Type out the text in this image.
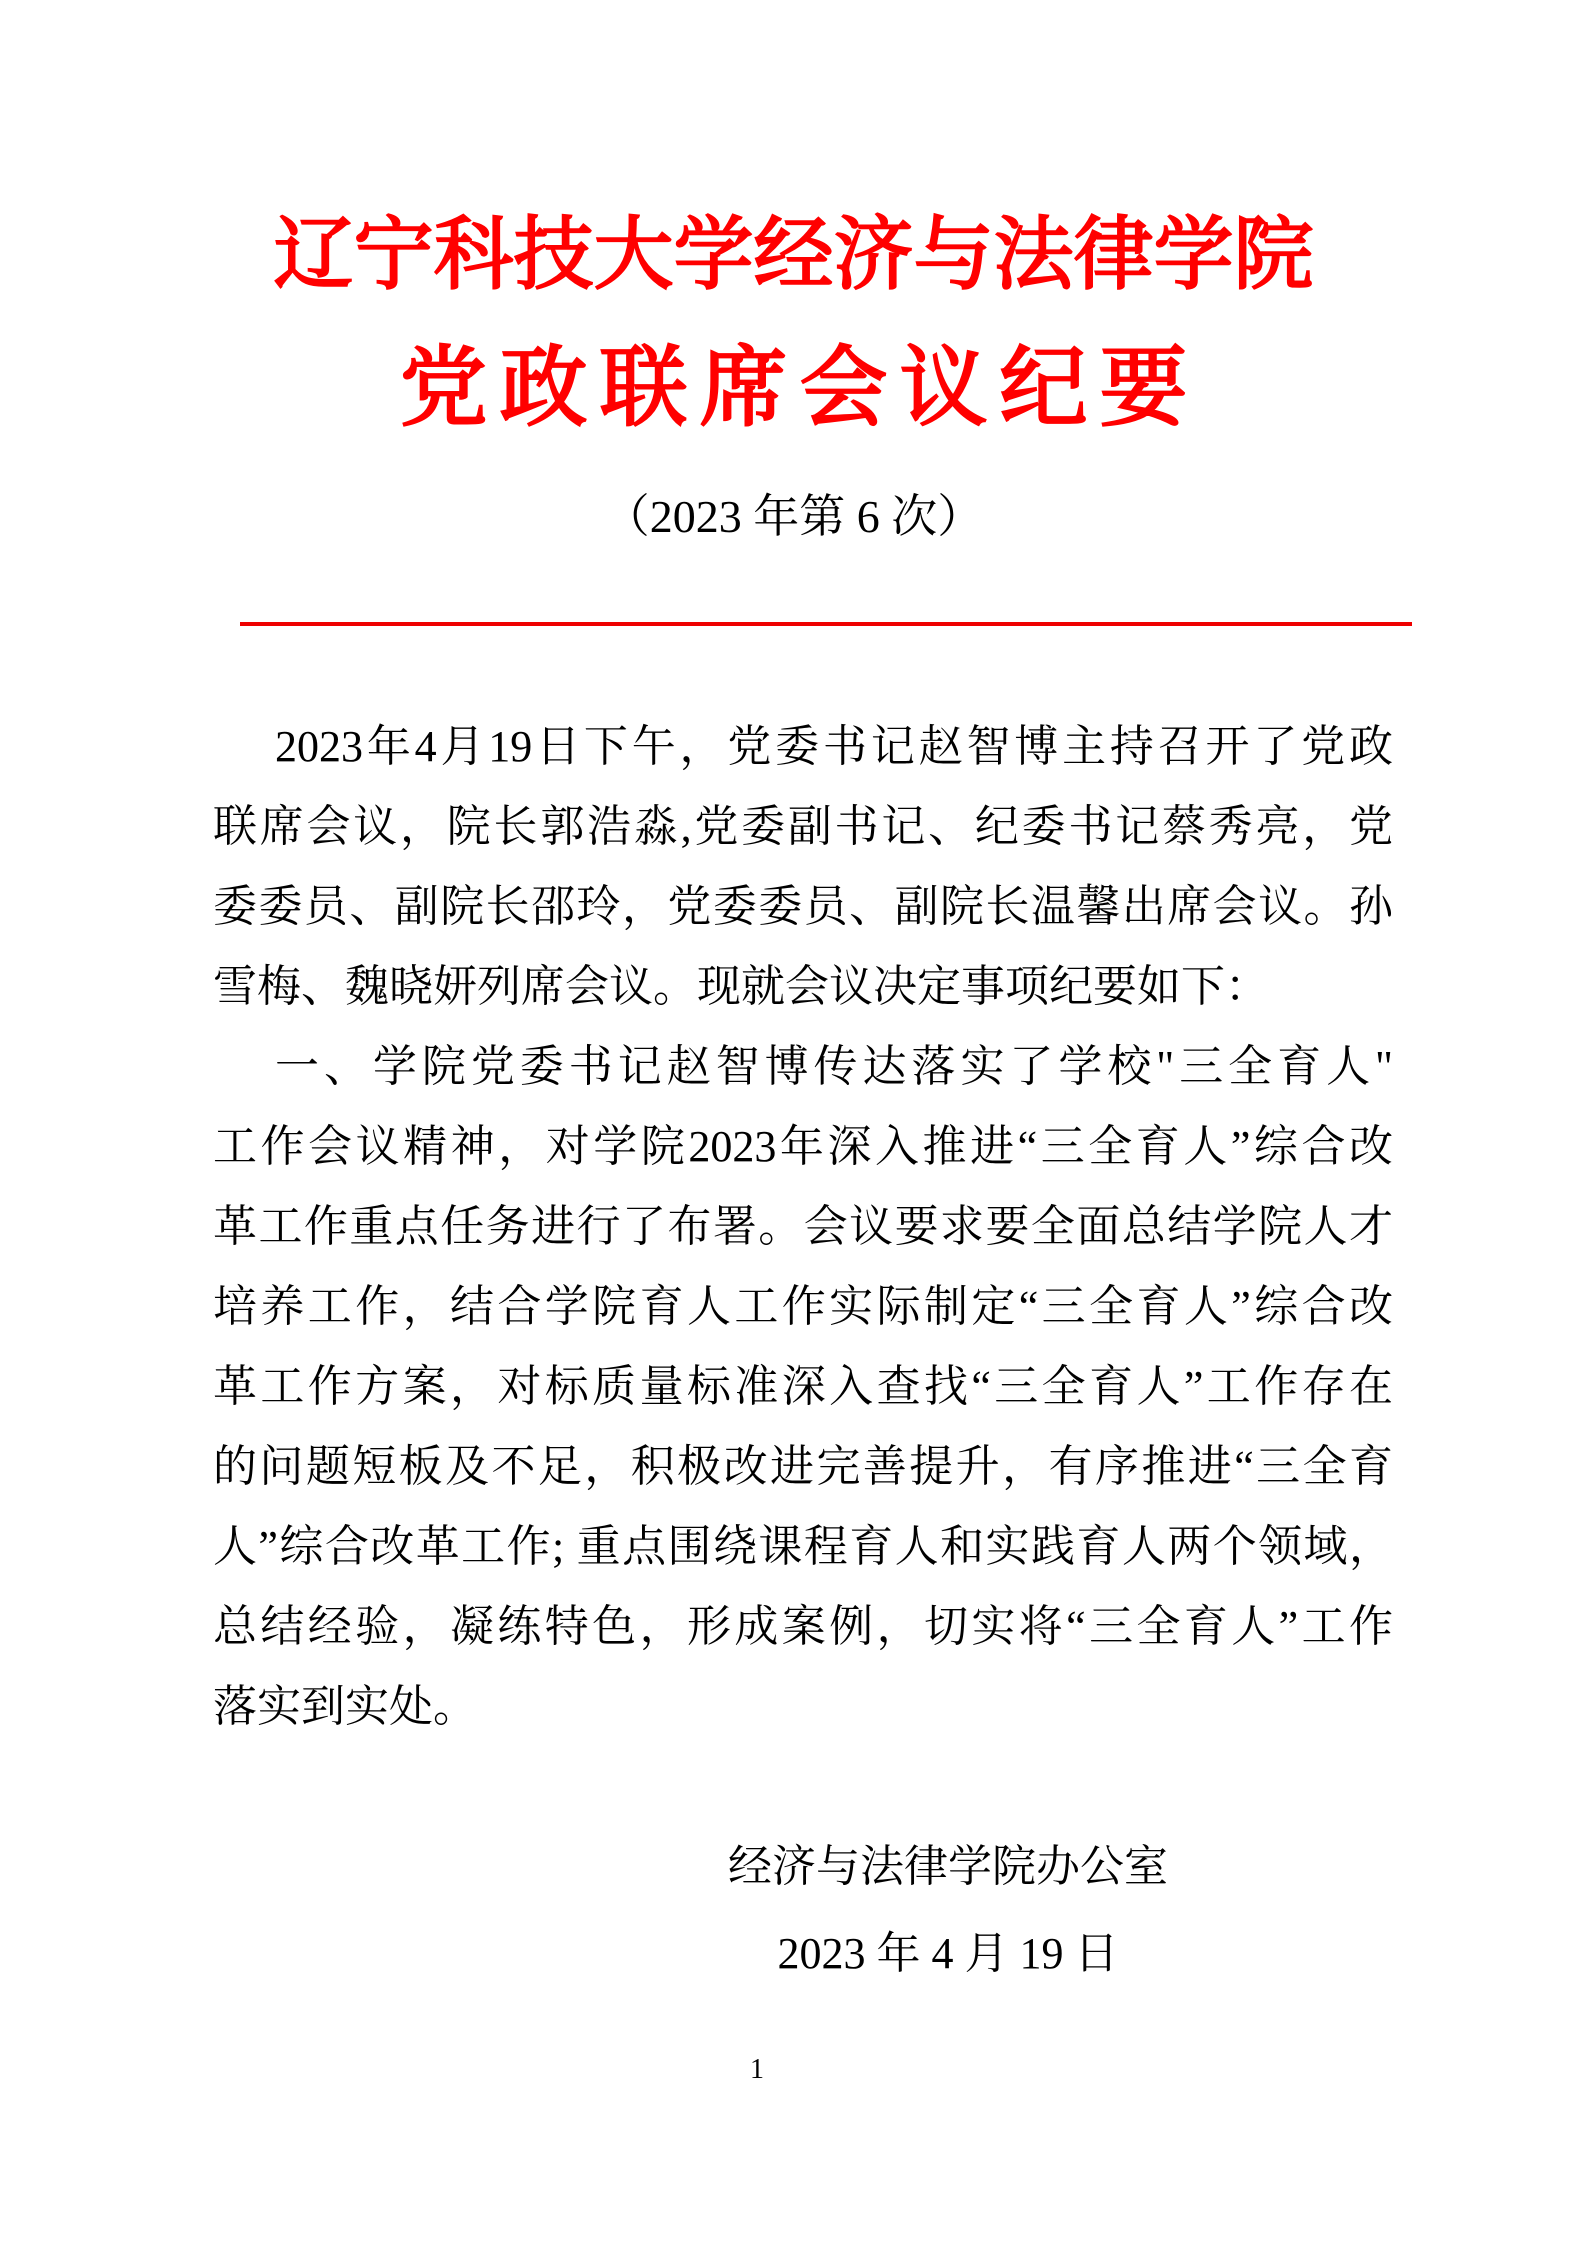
辽宁科技大学经济与法律学院
党政联席会议纪要
（2023 年第 6 次）

2023年4月19日下午，党委书记赵智博主持召开了党政

联席会议，院长郭浩淼,党委副书记、纪委书记蔡秀亮，党

委委员、副院长邵玲，党委委员、副院长温馨出席会议。孙

雪梅、魏晓妍列席会议。现就会议决定事项纪要如下：

一、学院党委书记赵智博传达落实了学校"三全育人"

工作会议精神，对学院2023年深入推进“三全育人”综合改

革工作重点任务进行了布署。会议要求要全面总结学院人才

培养工作，结合学院育人工作实际制定“三全育人”综合改

革工作方案，对标质量标准深入查找“三全育人”工作存在

的问题短板及不足，积极改进完善提升，有序推进“三全育

人”综合改革工作; 重点围绕课程育人和实践育人两个领域，

总结经验，凝练特色，形成案例，切实将“三全育人”工作

落实到实处。

经济与法律学院办公室
2023 年 4 月 19 日
1
